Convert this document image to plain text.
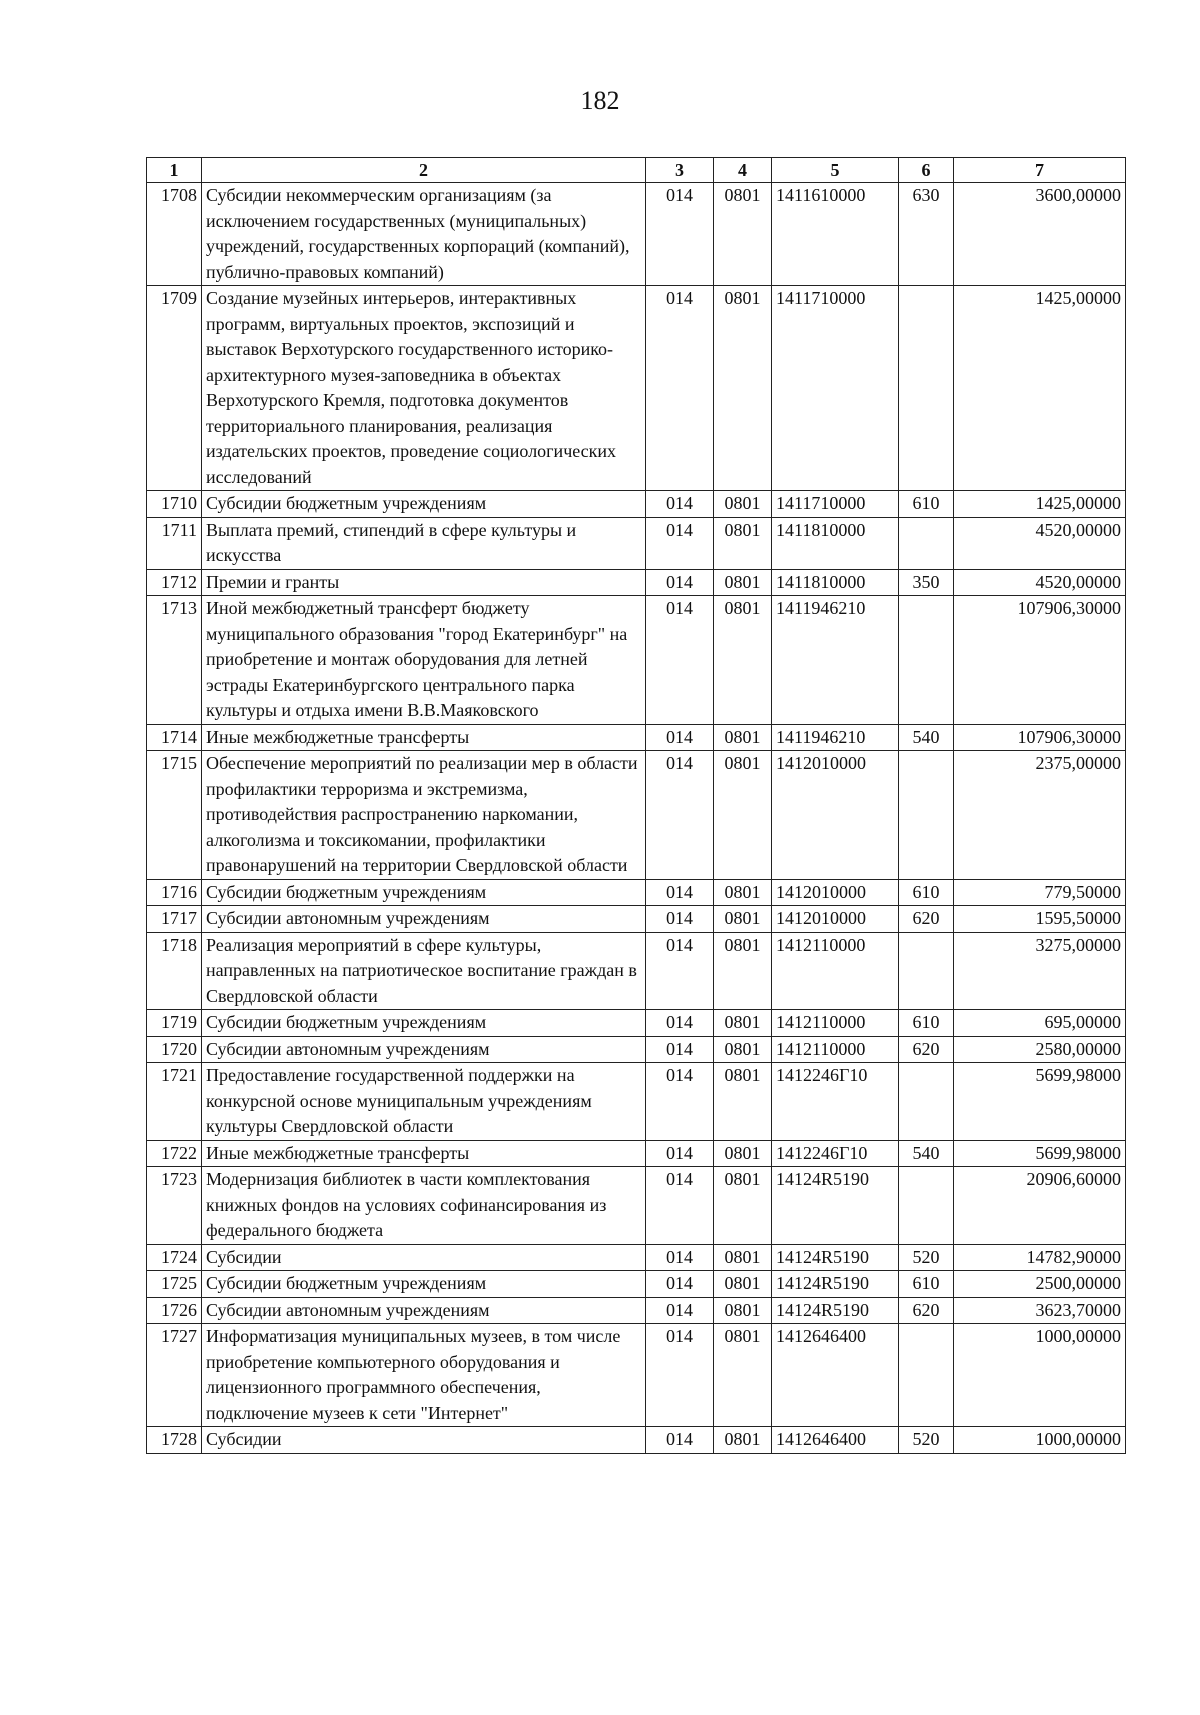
182
1	2	3	4	5	6	7
1708	Субсидии некоммерческим организациям (за исключением государственных (муниципальных) учреждений, государственных корпораций (компаний), публично-правовых компаний)	014	0801	1411610000	630	3600,00000
1709	Создание музейных интерьеров, интерактивных программ, виртуальных проектов, экспозиций и выставок Верхотурского государственного историко-архитектурного музея-заповедника в объектах Верхотурского Кремля, подготовка документов территориального планирования, реализация издательских проектов, проведение социологических исследований	014	0801	1411710000		1425,00000
1710	Субсидии бюджетным учреждениям	014	0801	1411710000	610	1425,00000
1711	Выплата премий, стипендий в сфере культуры и искусства	014	0801	1411810000		4520,00000
1712	Премии и гранты	014	0801	1411810000	350	4520,00000
1713	Иной межбюджетный трансферт бюджету муниципального образования "город Екатеринбург" на приобретение и монтаж оборудования для летней эстрады Екатеринбургского центрального парка культуры и отдыха имени В.В.Маяковского	014	0801	1411946210		107906,30000
1714	Иные межбюджетные трансферты	014	0801	1411946210	540	107906,30000
1715	Обеспечение мероприятий по реализации мер в области профилактики терроризма и экстремизма, противодействия распространению наркомании, алкоголизма и токсикомании, профилактики правонарушений на территории Свердловской области	014	0801	1412010000		2375,00000
1716	Субсидии бюджетным учреждениям	014	0801	1412010000	610	779,50000
1717	Субсидии автономным учреждениям	014	0801	1412010000	620	1595,50000
1718	Реализация мероприятий в сфере культуры, направленных на патриотическое воспитание граждан в Свердловской области	014	0801	1412110000		3275,00000
1719	Субсидии бюджетным учреждениям	014	0801	1412110000	610	695,00000
1720	Субсидии автономным учреждениям	014	0801	1412110000	620	2580,00000
1721	Предоставление государственной поддержки на конкурсной основе муниципальным учреждениям культуры Свердловской области	014	0801	1412246Г10		5699,98000
1722	Иные межбюджетные трансферты	014	0801	1412246Г10	540	5699,98000
1723	Модернизация библиотек в части комплектования книжных фондов на условиях софинансирования из федерального бюджета	014	0801	14124R5190		20906,60000
1724	Субсидии	014	0801	14124R5190	520	14782,90000
1725	Субсидии бюджетным учреждениям	014	0801	14124R5190	610	2500,00000
1726	Субсидии автономным учреждениям	014	0801	14124R5190	620	3623,70000
1727	Информатизация муниципальных музеев, в том числе приобретение компьютерного оборудования и лицензионного программного обеспечения, подключение музеев к сети "Интернет"	014	0801	1412646400		1000,00000
1728	Субсидии	014	0801	1412646400	520	1000,00000
